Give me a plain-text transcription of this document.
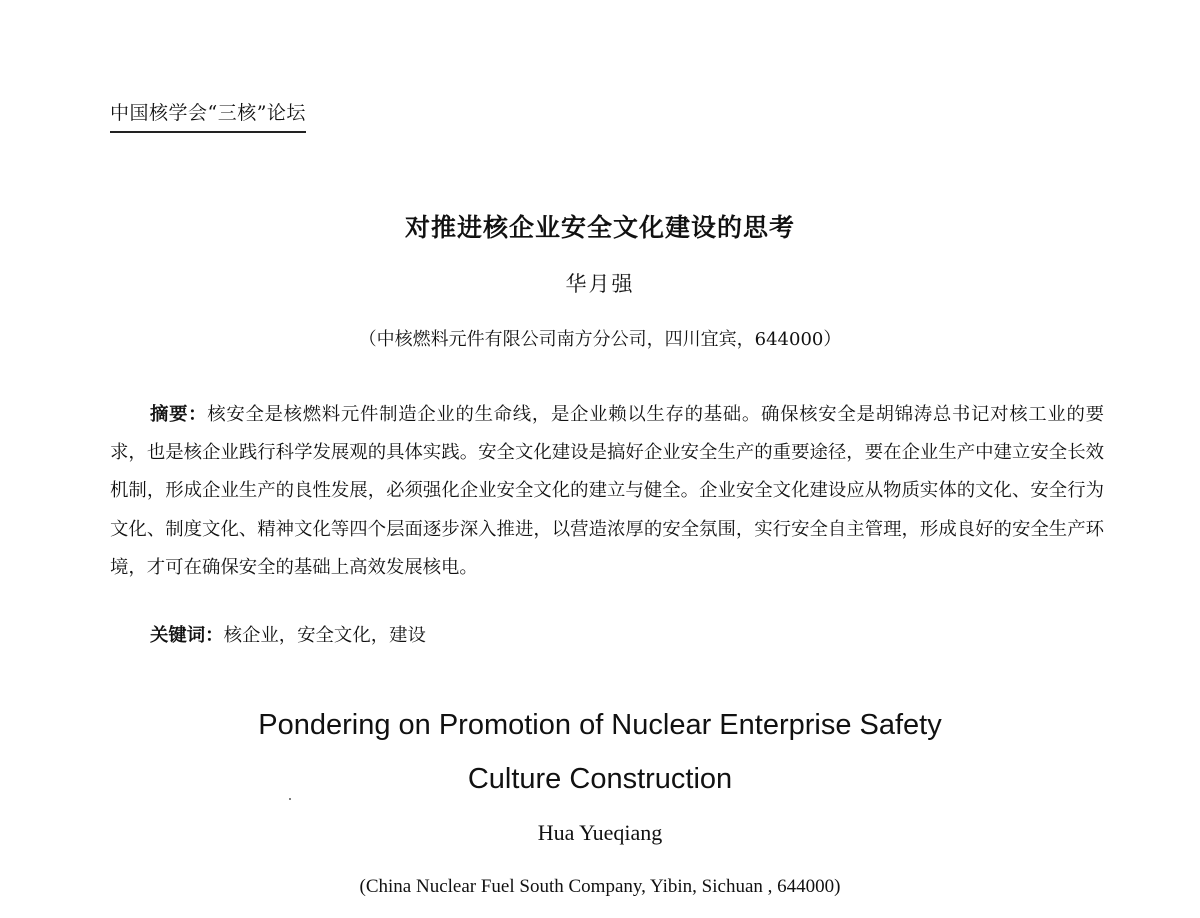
中国核学会“三核”论坛
对推进核企业安全文化建设的思考
华月强
（中核燃料元件有限公司南方分公司，四川宜宾，644000）

摘要：核安全是核燃料元件制造企业的生命线，是企业赖以生存的基础。确保核安全是胡锦涛总书记对核工业的要求，也是核企业践行科学发展观的具体实践。安全文化建设是搞好企业安全生产的重要途径，要在企业生产中建立安全长效机制，形成企业生产的良性发展，必须强化企业安全文化的建立与健全。企业安全文化建设应从物质实体的文化、安全行为文化、制度文化、精神文化等四个层面逐步深入推进，以营造浓厚的安全氛围，实行安全自主管理，形成良好的安全生产环境，才可在确保安全的基础上高效发展核电。

关键词：核企业，安全文化，建设

Pondering on Promotion of Nuclear Enterprise Safety
Culture Construction
Hua Yueqiang
(China Nuclear Fuel South Company, Yibin, Sichuan , 644000)
